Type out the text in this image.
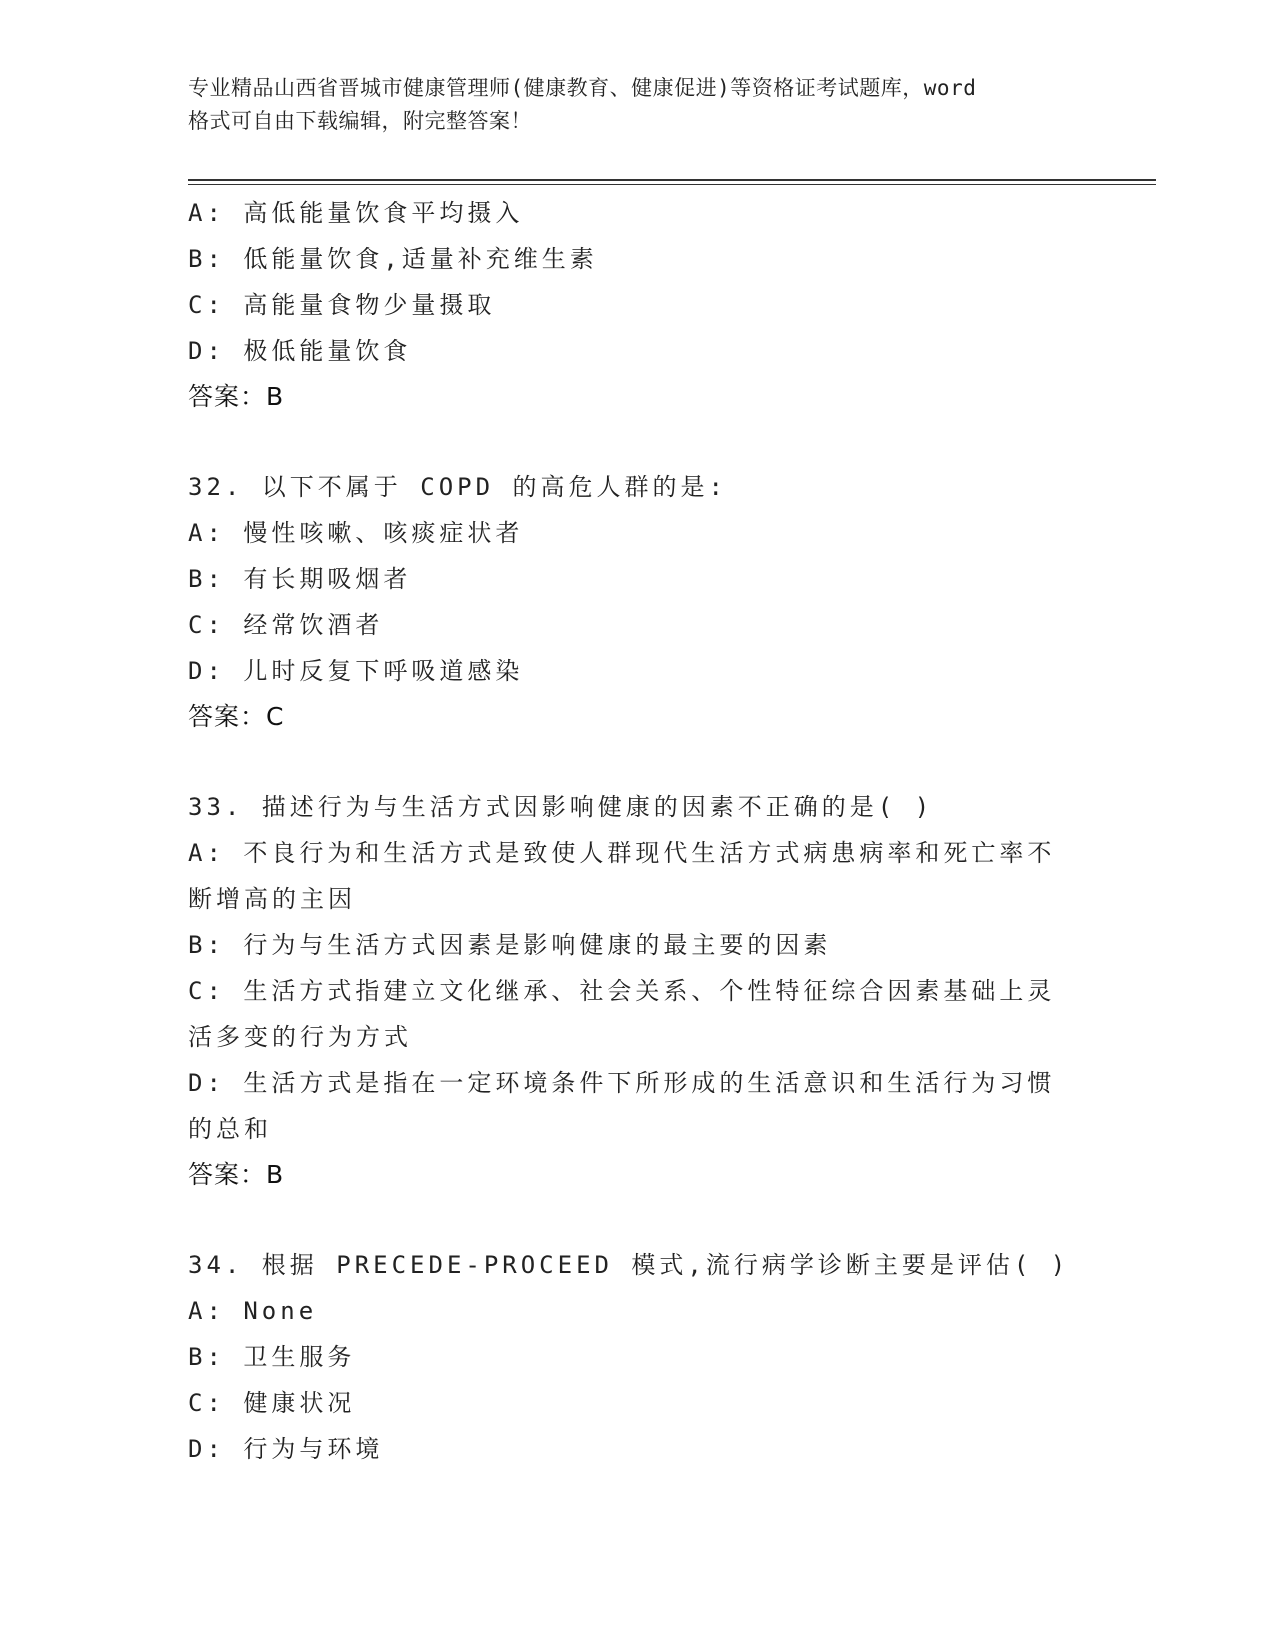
专业精品山西省晋城市健康管理师(健康教育、健康促进)等资格证考试题库，word
格式可自由下载编辑，附完整答案！
A: 高低能量饮食平均摄入
B: 低能量饮食,适量补充维生素
C: 高能量食物少量摄取
D: 极低能量饮食
答案：B
32. 以下不属于 COPD 的高危人群的是:
A: 慢性咳嗽、咳痰症状者
B: 有长期吸烟者
C: 经常饮酒者
D: 儿时反复下呼吸道感染
答案：C
33. 描述行为与生活方式因影响健康的因素不正确的是( )
A: 不良行为和生活方式是致使人群现代生活方式病患病率和死亡率不断增高的主因
B: 行为与生活方式因素是影响健康的最主要的因素
C: 生活方式指建立文化继承、社会关系、个性特征综合因素基础上灵活多变的行为方式
D: 生活方式是指在一定环境条件下所形成的生活意识和生活行为习惯的总和
答案：B
34. 根据 PRECEDE-PROCEED 模式,流行病学诊断主要是评估( )
A: None
B: 卫生服务
C: 健康状况
D: 行为与环境
